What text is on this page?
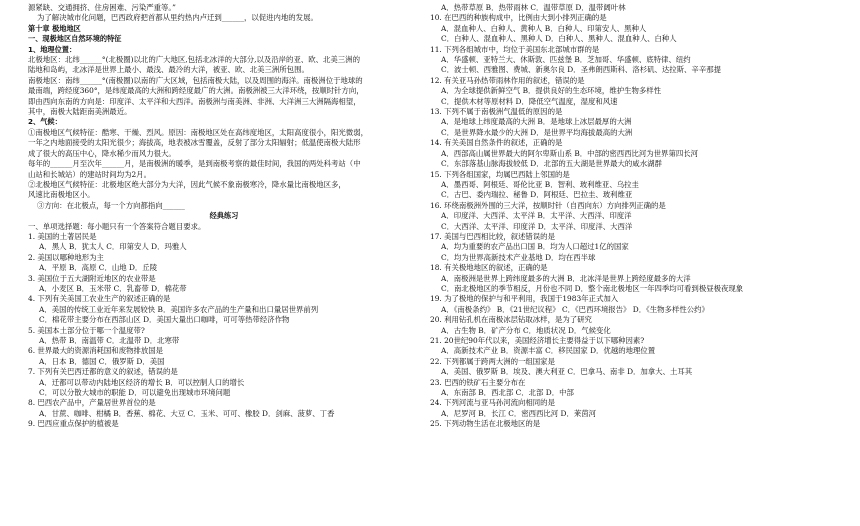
源紧缺、交通拥挤、住房困难、污染严重等。”
为了解决城市化问题，巴西政府把首都从里约热内卢迁到______，以促进内地的发展。
第十章 极地地区
一、现极地区自然环境的特征
1、地理位置：
北极地区：北纬______°(北极圈)以北的广大地区,包括北冰洋的大部分,以及沿岸的亚、欧、北美三洲的
陆地和岛屿，北冰洋是世界上最小、最浅、最冷的大洋，被亚、欧、北美三洲所包围。
南极地区：南纬______°(南极圈)以南的广大区域，包括南极大陆，以及周围的海洋。南极洲位于地球的
最南端，跨经度360°，是纬度最高的大洲和跨经度最广的大洲。南极洲被三大洋环绕，按顺时针方向，
即由西向东南的方向是：印度洋、太平洋和大西洋。南极洲与南美洲、非洲、大洋洲三大洲隔海相望，
其中，南极大陆距南美洲最近。
2、气候：
①南极地区气候特征：酷寒、干燥、烈风。原因：南极地区处在高纬度地区，太阳高度很小，阳光微弱，
一年之内地面接受的太阳光很少；海拔高，地表被冰雪覆盖，反射了部分太阳辐射；低温使南极大陆形
成了很大的高压中心，降水稀少而风力很大。
每年的______月至次年______月，是南极洲的暖季，是到南极考察的最佳时间，我国的两处科考站（中
山站和长城站）的建站时间均为2月。
②北极地区气候特征：北极地区绝大部分为大洋，因此气候不象南极寒冷，降水量比南极地区多，
风速比南极地区小。
③方向：在北极点，每一个方向都指向______
经典练习
一、单项选择题：每小题只有一个答案符合题目要求。
1. 美国的土著居民是
A．黑人 B．犹太人 C．印第安人 D．玛雅人
2. 美国以哪种地形为主
A．平原 B．高原 C．山地 D．丘陵
3. 美国位于五大湖附近地区的农业带是
A．小麦区 B．玉米带 C．乳畜带 D．棉花带
4. 下列有关美国工农业生产的叙述正确的是
A．美国的传统工业近年来发展较快 B．美国许多农产品的生产量和出口量居世界前列
C．棉花带主要分布在西部山区 D．美国大量出口咖啡，可可等热带经济作物
5. 美国本土部分位于哪一个温度带?
A．热带 B．南温带 C．北温带 D．北寒带
6. 世界最大的资源消耗国和废物排放国是
A．日本 B．德国 C．俄罗斯 D．美国
7. 下列有关巴西迁都的意义的叙述，错误的是
A．迁都可以带动内陆地区经济的增长 B．可以控制人口的增长
C．可以分散大城市的职能 D．可以避免出现城市环境问题
8. 巴西农产品中，产量居世界首位的是
A．甘蔗、咖啡、柑橘 B．香蕉、棉花、大豆 C．玉米、可可、橡胶 D．剑麻、菠萝、丁香
9. 巴西应重点保护的植被是
A．热带草原 B．热带雨林 C．温带草原 D．温带阔叶林
10. 在巴西的种族构成中，比例由大到小排列正确的是
A．混血种人、白种人、黄种人 B．白种人、印第安人、黑种人
C．白种人、混血种人、黑种人 D．白种人、黑种人、混血种人、白种人
11. 下列各组城市中，均位于美国东北部城市群的是
A．华盛顿、亚特兰大、休斯敦、匹兹堡 B．芝加哥、华盛顿、底特律、纽约
C．波士顿、西雅图、费城、新奥尔良 D．圣弗朗西斯科、洛杉矶、达拉斯、辛辛那提
12. 有关亚马孙热带雨林作用的叙述，错误的是
A．为全球提供新鲜空气 B．提供良好的生态环境，维护生物多样性
C．提供木材等原材料 D．降低空气温度，湿度和风速
13. 下列不属于南极洲气温低的原因的是
A．是地球上纬度最高的大洲 B．是地球上冰层最厚的大洲
C．是世界降水最少的大洲 D．是世界平均海拔最高的大洲
14. 有关美国自然条件的叙述，正确的是
A．西部高山属世界最大的阿尔卑斯山系 B．中部的密西西比河为世界第四长河
C．东部落基山脉海拔较低 D．北部的五大湖是世界最大的咸水湖群
15. 下列各组国家，均属巴西陆上邻国的是
A．墨西哥、阿根廷、哥伦比亚 B．智利、玻利维亚、乌拉圭
C．古巴、委内瑞拉、秘鲁 D．阿根廷、巴拉圭、玻利维亚
16. 环绕南极洲外围的三大洋，按顺时针（自西向东）方向排列正确的是
A．印度洋、大西洋、太平洋 B．太平洋、大西洋、印度洋
C．大西洋、太平洋、印度洋 D．太平洋、印度洋、大西洋
17. 美国与巴西相比较，叙述错误的是
A．均为重要的农产品出口国 B．均为人口超过1亿的国家
C．均为世界高新技术产业基地 D．均在西半球
18. 有关极地地区的叙述，正确的是
A．南极洲是世界上跨纬度最多的大洲 B．北冰洋是世界上跨经度最多的大洋
C．南北极地区的季节相反，月份也不同 D．整个南北极地区一年四季均可看到极昼极夜现象
19. 为了极地的保护与和平利用，我国于1983年正式加入
A．《南极条约》 B．《21世纪议程》 C．《巴西环境报告》 D．《生物多样性公约》
20. 利用钻孔机在南极冰层钻取冰样，是为了研究
A．古生物 B．矿产分布 C．地质状况 D．气候变化
21. 20世纪90年代以来，美国经济增长主要得益于以下哪种因素?
A．高新技术产业 B．资源丰富 C．移民国家 D．优越的地理位置
22. 下列都属于跨两大洲的一组国家是
A．美国、俄罗斯 B．埃及、澳大利亚 C．巴拿马、南非 D．加拿大、土耳其
23. 巴西的铁矿石主要分布在
A．东南部 B．西北部 C．北部 D．中部
24. 下列河流与亚马孙河流向相同的是
A．尼罗河 B．长江 C．密西西比河 D．莱茵河
25. 下列动物生活在北极地区的是
